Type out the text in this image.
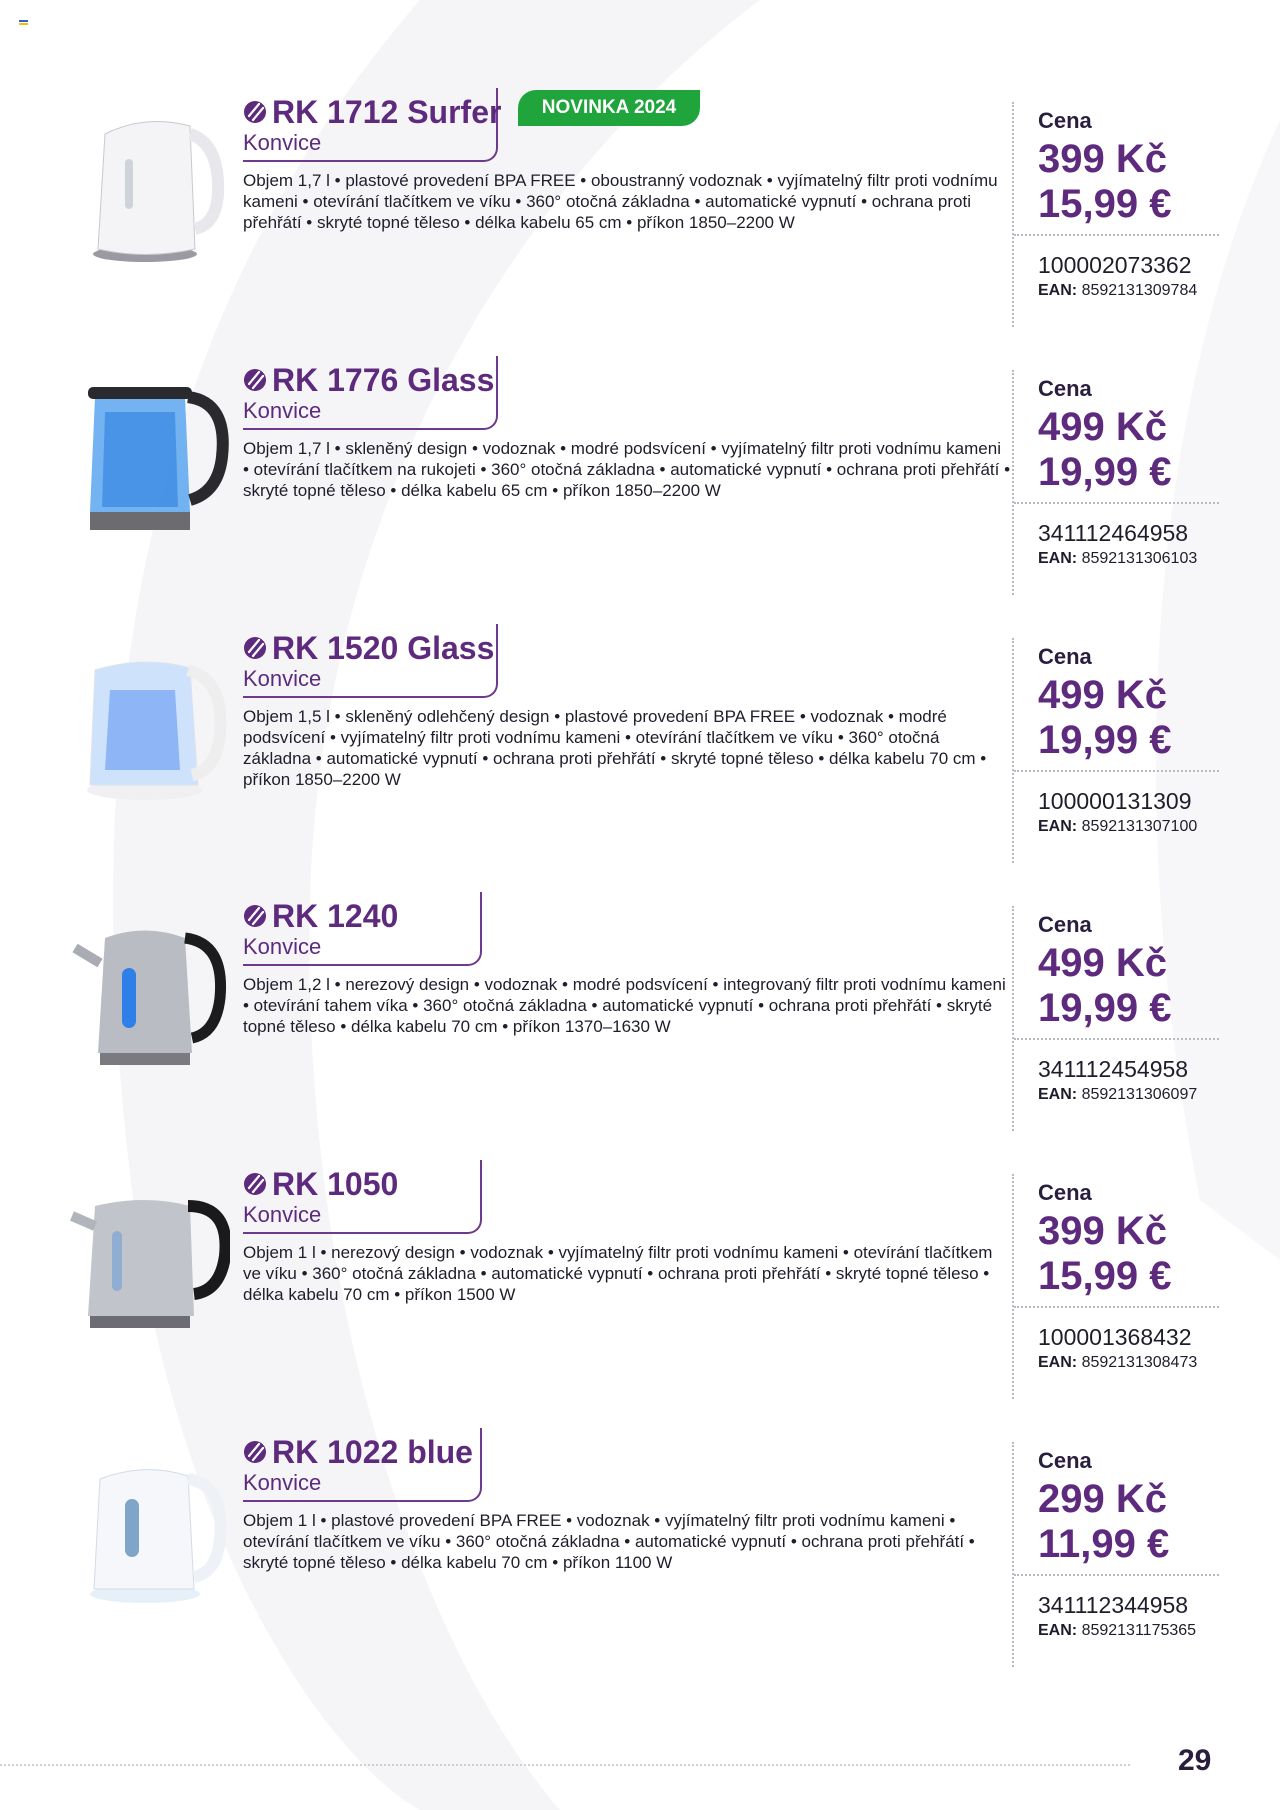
RK 1712 Surfer
Konvice
NOVINKA 2024
Objem 1,7 l • plastové provedení BPA FREE • oboustranný vodoznak • vyjímatelný filtr proti vodnímu kameni • otevírání tlačítkem ve víku • 360° otočná základna • automatické vypnutí • ochrana proti přehřátí • skryté topné těleso • délka kabelu 65 cm • příkon 1850–2200 W
Cena
399 Kč
15,99 €
100002073362
EAN: 8592131309784
RK 1776 Glass
Konvice
Objem 1,7 l • skleněný design • vodoznak • modré podsvícení • vyjímatelný filtr proti vodnímu kameni • otevírání tlačítkem na rukojeti • 360° otočná základna • automatické vypnutí • ochrana proti přehřátí • skryté topné těleso • délka kabelu 65 cm • příkon 1850–2200 W
Cena
499 Kč
19,99 €
341112464958
EAN: 8592131306103
RK 1520 Glass
Konvice
Objem 1,5 l • skleněný odlehčený design • plastové provedení BPA FREE • vodoznak • modré podsvícení • vyjímatelný filtr proti vodnímu kameni • otevírání tlačítkem ve víku • 360° otočná základna • automatické vypnutí • ochrana proti přehřátí • skryté topné těleso • délka kabelu 70 cm • příkon 1850–2200 W
Cena
499 Kč
19,99 €
100000131309
EAN: 8592131307100
RK 1240
Konvice
Objem 1,2 l • nerezový design • vodoznak • modré podsvícení • integrovaný filtr proti vodnímu kameni • otevírání tahem víka • 360° otočná základna • automatické vypnutí • ochrana proti přehřátí • skryté topné těleso • délka kabelu 70 cm • příkon 1370–1630 W
Cena
499 Kč
19,99 €
341112454958
EAN: 8592131306097
RK 1050
Konvice
Objem 1 l • nerezový design • vodoznak • vyjímatelný filtr proti vodnímu kameni • otevírání tlačítkem ve víku • 360° otočná základna • automatické vypnutí • ochrana proti přehřátí • skryté topné těleso • délka kabelu 70 cm • příkon 1500 W
Cena
399 Kč
15,99 €
100001368432
EAN: 8592131308473
RK 1022 blue
Konvice
Objem 1 l • plastové provedení BPA FREE • vodoznak • vyjímatelný filtr proti vodnímu kameni • otevírání tlačítkem ve víku • 360° otočná základna • automatické vypnutí • ochrana proti přehřátí • skryté topné těleso • délka kabelu 70 cm • příkon 1100 W
Cena
299 Kč
11,99 €
341112344958
EAN: 8592131175365
29
